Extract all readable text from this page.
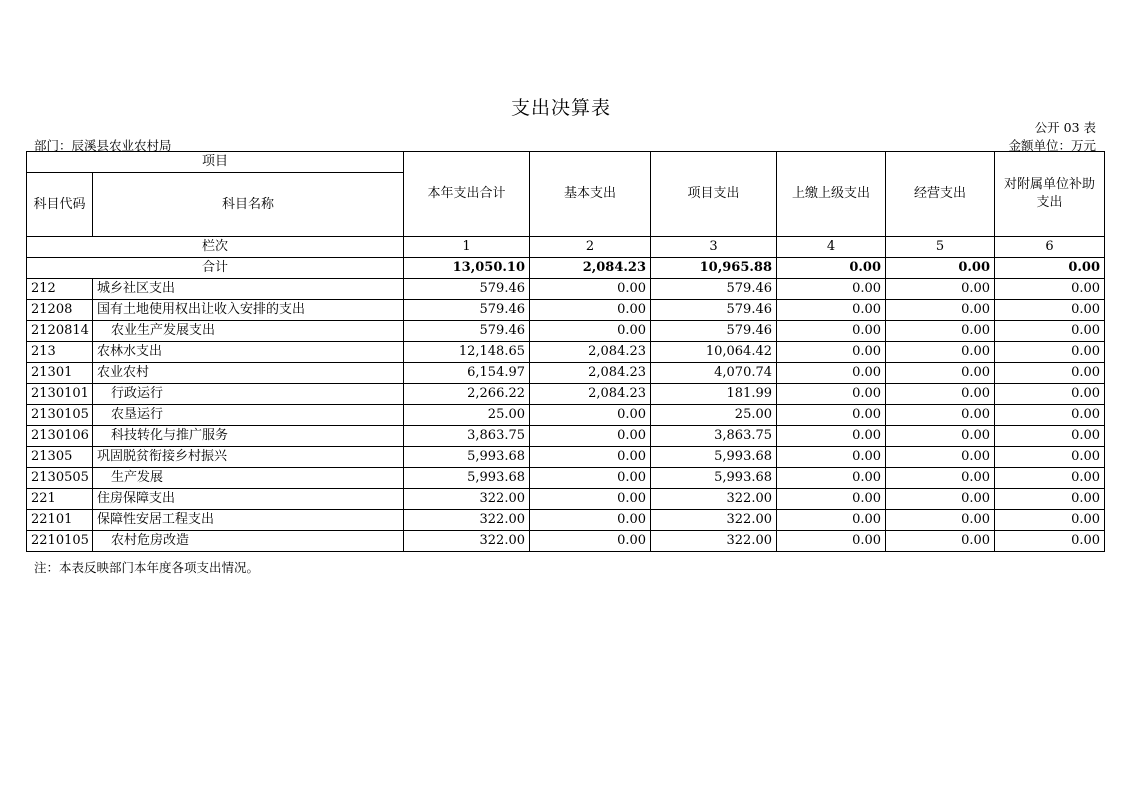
支出决算表
公开 03 表
部门：辰溪县农业农村局	金额单位：万元
项目		本年支出合计	基本支出	项目支出	上缴上级支出	经营支出	对附属单位补助支出
科目代码	科目名称						
栏次		1	2	3	4	5	6
合计		13,050.10	2,084.23	10,965.88	0.00	0.00	0.00
212	城乡社区支出	579.46	0.00	579.46	0.00	0.00	0.00
21208	国有土地使用权出让收入安排的支出	579.46	0.00	579.46	0.00	0.00	0.00
2120814	农业生产发展支出	579.46	0.00	579.46	0.00	0.00	0.00
213	农林水支出	12,148.65	2,084.23	10,064.42	0.00	0.00	0.00
21301	农业农村	6,154.97	2,084.23	4,070.74	0.00	0.00	0.00
2130101	行政运行	2,266.22	2,084.23	181.99	0.00	0.00	0.00
2130105	农垦运行	25.00	0.00	25.00	0.00	0.00	0.00
2130106	科技转化与推广服务	3,863.75	0.00	3,863.75	0.00	0.00	0.00
21305	巩固脱贫衔接乡村振兴	5,993.68	0.00	5,993.68	0.00	0.00	0.00
2130505	生产发展	5,993.68	0.00	5,993.68	0.00	0.00	0.00
221	住房保障支出	322.00	0.00	322.00	0.00	0.00	0.00
22101	保障性安居工程支出	322.00	0.00	322.00	0.00	0.00	0.00
2210105	农村危房改造	322.00	0.00	322.00	0.00	0.00	0.00
注：本表反映部门本年度各项支出情况。
